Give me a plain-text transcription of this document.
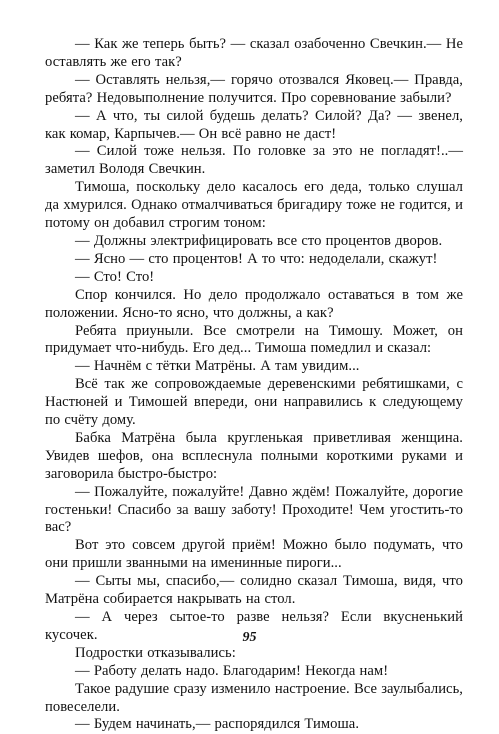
— Как же теперь быть? — сказал озабоченно Свечкин.— Не оставлять же его так?

— Оставлять нельзя,— горячо отозвался Яковец.— Правда, ребята? Недовыполнение получится. Про соревнование забыли?

— А что, ты силой будешь делать? Силой? Да? — звенел, как комар, Карпычев.— Он всё равно не даст!

— Силой тоже нельзя. По головке за это не погладят!..— заметил Володя Свечкин.

Тимоша, поскольку дело касалось его деда, только слушал да хмурился. Однако отмалчиваться бригадиру тоже не годится, и потому он добавил строгим тоном:

— Должны электрифицировать все сто процентов дворов.

— Ясно — сто процентов! А то что: недоделали, скажут!

— Сто! Сто!

Спор кончился. Но дело продолжало оставаться в том же положении. Ясно-то ясно, что должны, а как?

Ребята приуныли. Все смотрели на Тимошу. Может, он придумает что-нибудь. Его дед... Тимоша помедлил и сказал:

— Начнём с тётки Матрёны. А там увидим...

Всё так же сопровождаемые деревенскими ребятишками, с Настюней и Тимошей впереди, они направились к следующему по счёту дому.

Бабка Матрёна была кругленькая приветливая женщина. Увидев шефов, она всплеснула полными короткими руками и заговорила быстро-быстро:

— Пожалуйте, пожалуйте! Давно ждём! Пожалуйте, дорогие гостеньки! Спасибо за вашу заботу! Проходите! Чем угостить-то вас?

Вот это совсем другой приём! Можно было подумать, что они пришли званными на именинные пироги...

— Сыты мы, спасибо,— солидно сказал Тимоша, видя, что Матрёна собирается накрывать на стол.

— А через сытое-то разве нельзя? Если вкусненький кусочек.

Подростки отказывались:

— Работу делать надо. Благодарим! Некогда нам!

Такое радушие сразу изменило настроение. Все заулыбались, повеселели.

— Будем начинать,— распорядился Тимоша.

95
